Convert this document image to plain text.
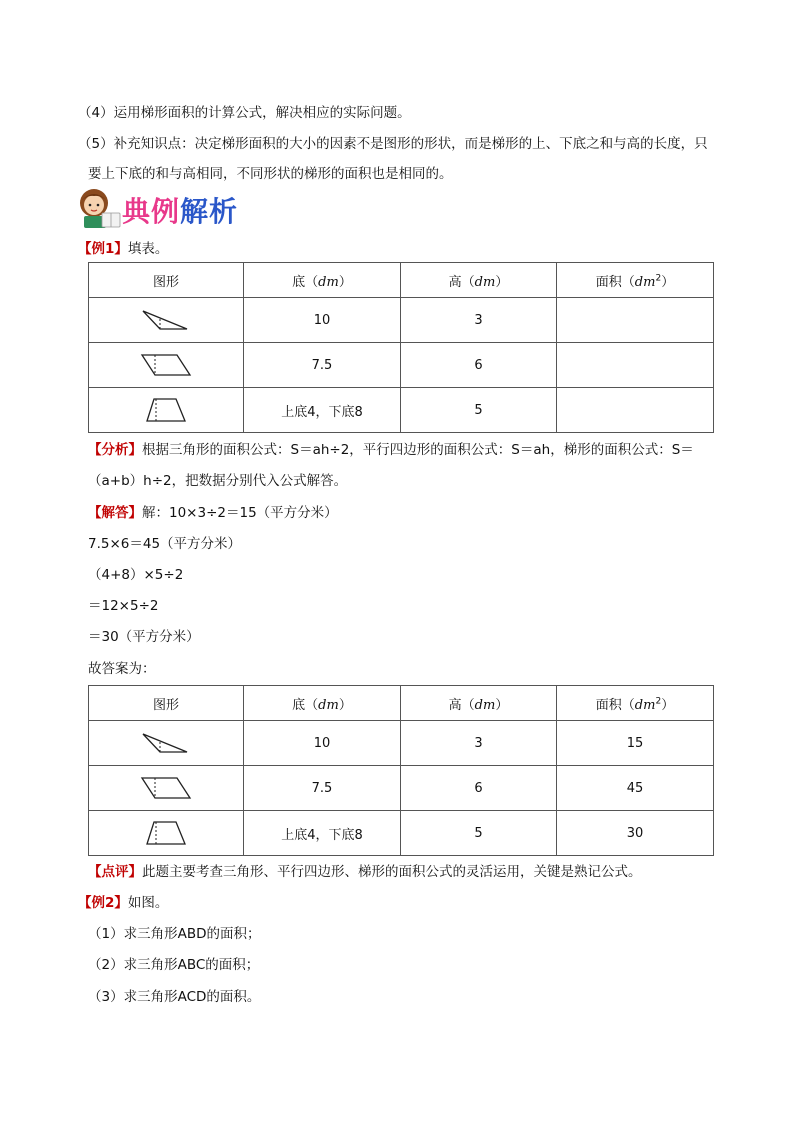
（4）运用梯形面积的计算公式，解决相应的实际问题。
（5）补充知识点：决定梯形面积的大小的因素不是图形的形状，而是梯形的上、下底之和与高的长度，只
要上下底的和与高相同，不同形状的梯形的面积也是相同的。
典例解析
【例1】填表。
图形	底（dm）	高（dm）	面积$(dm^2)$

	10	3	

	7.5	6	

	上底4，下底8	5	
【分析】根据三角形的面积公式：S＝ah÷2，平行四边形的面积公式：S＝ah，梯形的面积公式：S＝
（a+b）h÷2，把数据分别代入公式解答。
【解答】解：10×3÷2＝15（平方分米）
7.5×6＝45（平方分米）
（4+8）×5÷2
＝12×5÷2
＝30（平方分米）
故答案为：
图形	底（dm）	高（dm）	面积$(dm^2)$

	10	3	15

	7.5	6	45

	上底4，下底8	5	30
【点评】此题主要考查三角形、平行四边形、梯形的面积公式的灵活运用，关键是熟记公式。
【例2】如图。
（1）求三角形ABD的面积；
（2）求三角形ABC的面积；
（3）求三角形ACD的面积。
